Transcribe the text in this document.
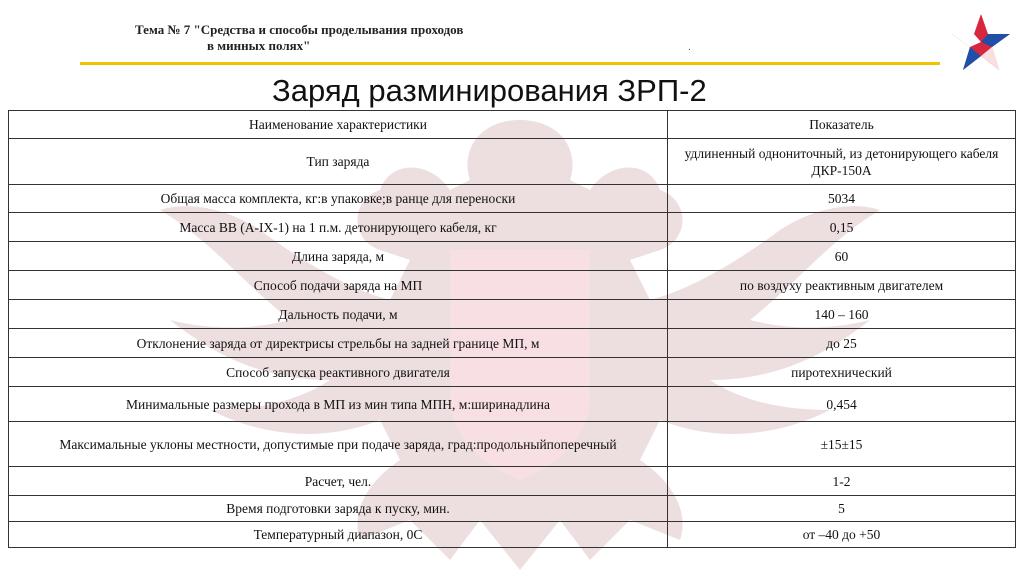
Тема № 7 "Средства и способы проделывания проходов
в минных полях"	.
Заряд разминирования ЗРП-2
Наименование характеристики	Показатель
Тип заряда	удлиненный однониточный, из детонирующего кабеля ДКР-150А
Общая масса комплекта, кг:в упаковке;в ранце для переноски	5034
Масса ВВ (А-IX-1) на 1 п.м. детонирующего кабеля, кг	0,15
Длина заряда, м	60
Способ подачи заряда на МП	по воздуху реактивным двигателем
Дальность подачи, м	140 – 160
Отклонение заряда от директрисы стрельбы на задней границе МП, м	до 25
Способ запуска реактивного двигателя	пиротехнический
Минимальные размеры прохода в МП из мин типа МПН, м:ширинадлина	0,454
Максимальные уклоны местности, допустимые при подаче заряда, град:продольныйпоперечный	±15±15
Расчет, чел.	1-2
Время подготовки заряда к пуску, мин.	5
Температурный диапазон, 0С	от –40 до +50
